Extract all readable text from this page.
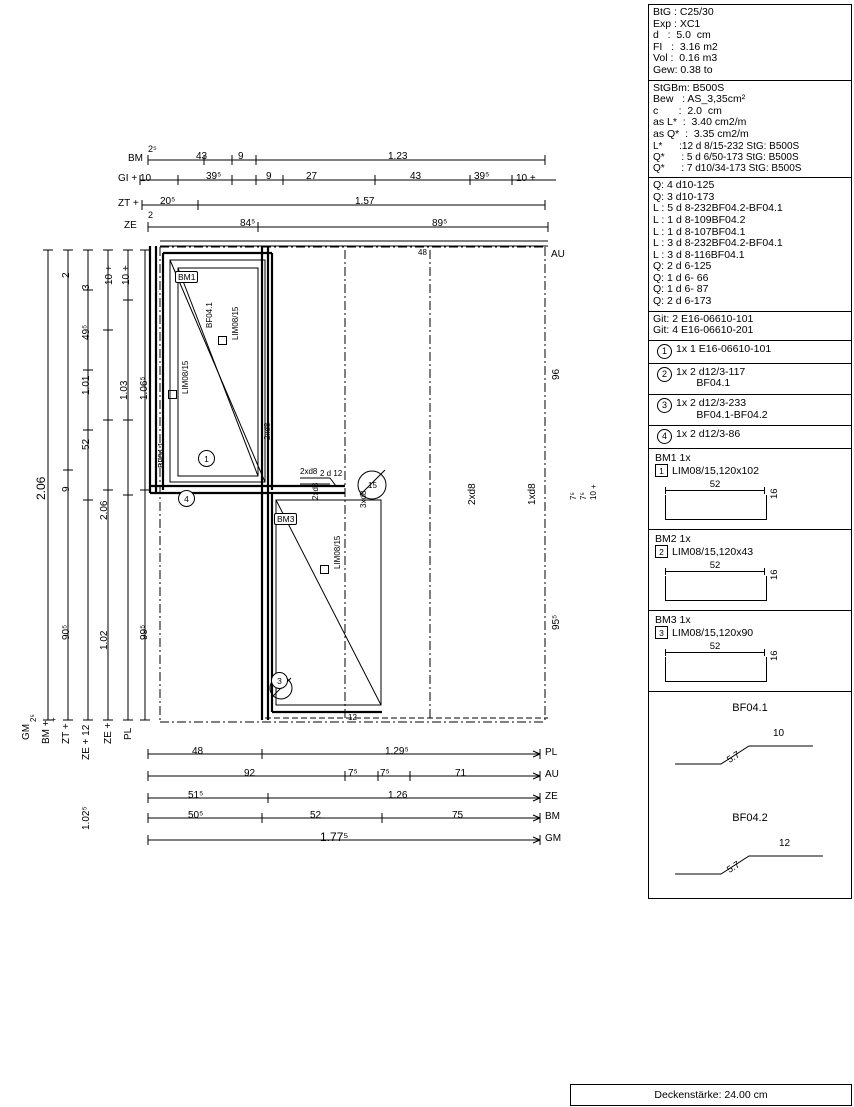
BM
2⁵
43	9	1.23
GI + 10	39⁵	9	27	43	39⁵	10 +
ZT + 20⁵	1.57
ZE
2
84⁵	89⁵
2.06
90⁵
9
52
1.01
49⁵
3
2
1.02⁵
2.06
1.03 1.06⁵
10 +
10 +
1.02	99⁵
GM BM + ZT + ZE + 12 ZE + PL
2⁵ +
AU
96
2xd8	1xd8
95⁵
7⁵ 7⁵ 10 +
BM1
BM3
LIM08/15
LIM08/15
LIM08/15
BF04.1
BF04.1
2xd8
2xd8 2 d 12
2xd8	3xd8
15
48
12
1
4
3
48	1.29⁵	PL
92	7⁵ 7⁵	71	AU
51⁵	1.26	ZE
50⁵	52	75	BM
1.77⁵	GM
BtG : C25/30
Exp : XC1
d   :  5.0  cm
FI   :  3.16 m2
Vol :  0.16 m3
Gew: 0.38 to
StGBm: B500S
Bew   : AS_3,35cm²
c       :  2.0  cm
as L*  :  3.40 cm2/m
as Q*  :  3.35 cm2/m
L*      :12 d 8/15-232 StG: B500S
Q*      : 5 d 6/50-173 StG: B500S
Q*      : 7 d10/34-173 StG: B500S
Q: 4 d10-125
Q: 3 d10-173
L : 5 d 8-232BF04.2-BF04.1
L : 1 d 8-109BF04.2
L : 1 d 8-107BF04.1
L : 3 d 8-232BF04.2-BF04.1
L : 3 d 8-116BF04.1
Q: 2 d 6-125
Q: 1 d 6- 66
Q: 1 d 6- 87
Q: 2 d 6-173
Git: 2 E16-06610-101
Git: 4 E16-06610-201
1 1x 1 E16-06610-101
2 1x 2 d12/3-117
BF04.1
3 1x 2 d12/3-233
BF04.1-BF04.2
4 1x 2 d12/3-86
BM1 1x
1 LIM08/15,120x102
52
16
BM2 1x
2 LIM08/15,120x43
52
16
BM3 1x
3 LIM08/15,120x90
52
16
BF04.1
5.7
10
BF04.2
5.7
12
Deckenstärke: 24.00 cm
